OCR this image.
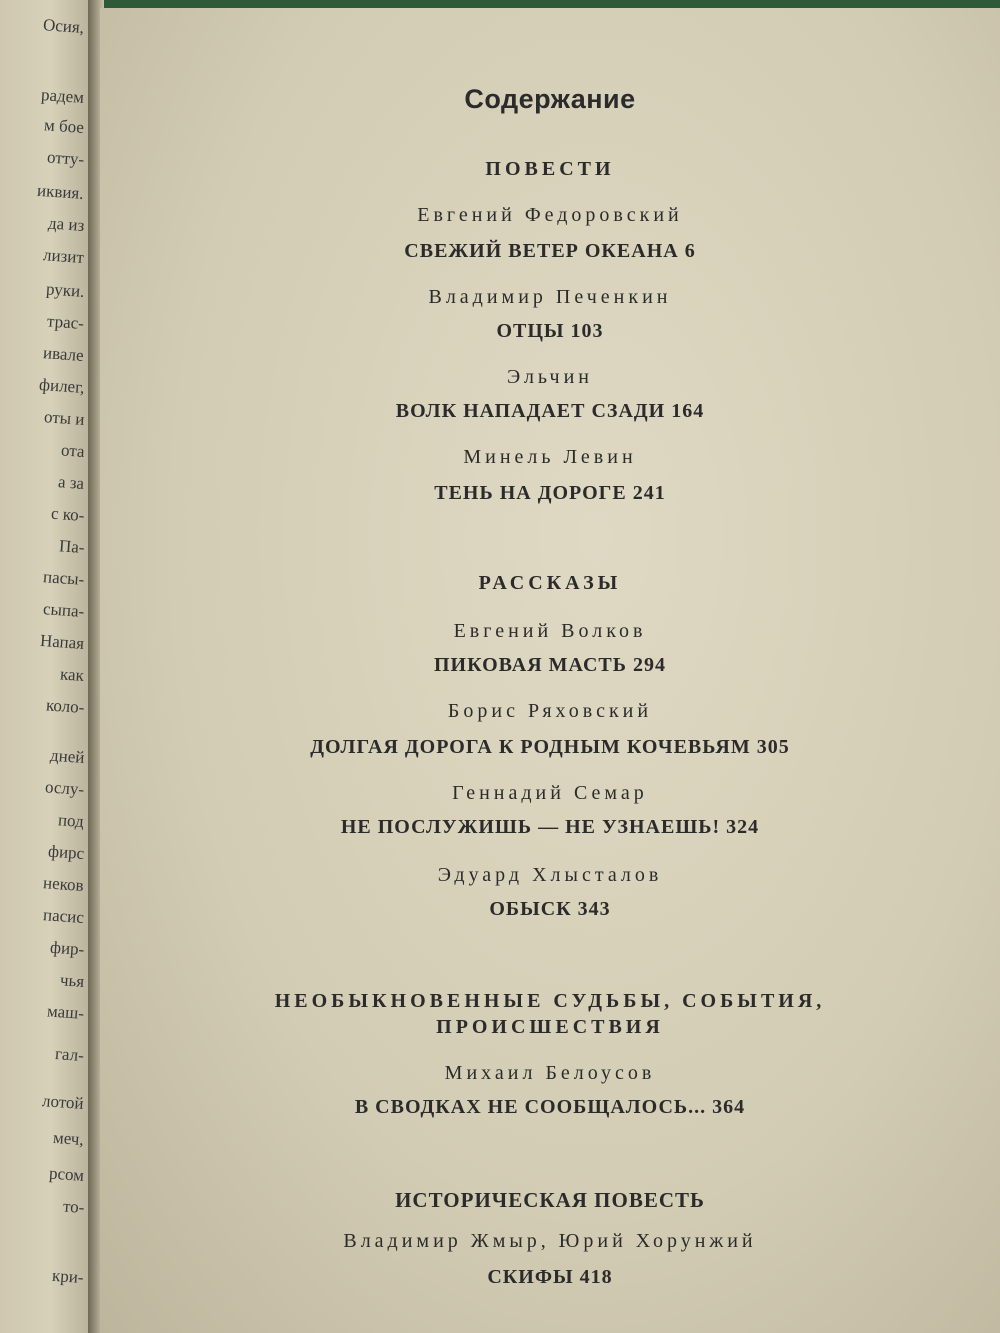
Осия,
радем
м бое
отту-
иквия.
да из
лизит
руки.
трас-
ивале
филег,
оты и
ота
а за
с ко-
Па-
пасы-
сыпа-
Напая
как
коло-
дней
ослу-
под
фирс
неков
пасис
фир-
чья
маш-
гал-
лотой
меч,
рсом
то-
кри-
Содержание
ПОВЕСТИ
Евгений Федоровский
СВЕЖИЙ ВЕТЕР ОКЕАНА 6
Владимир Печенкин
ОТЦЫ 103
Эльчин
ВОЛК НАПАДАЕТ СЗАДИ 164
Минель Левин
ТЕНЬ НА ДОРОГЕ 241
РАССКАЗЫ
Евгений Волков
ПИКОВАЯ МАСТЬ 294
Борис Ряховский
ДОЛГАЯ ДОРОГА К РОДНЫМ КОЧЕВЬЯМ 305
Геннадий Семар
НЕ ПОСЛУЖИШЬ — НЕ УЗНАЕШЬ! 324
Эдуард Хлысталов
ОБЫСК 343
НЕОБЫКНОВЕННЫЕ СУДЬБЫ, СОБЫТИЯ,
ПРОИСШЕСТВИЯ
Михаил Белоусов
В СВОДКАХ НЕ СООБЩАЛОСЬ... 364
ИСТОРИЧЕСКАЯ ПОВЕСТЬ
Владимир Жмыр, Юрий Хорунжий
СКИФЫ 418
